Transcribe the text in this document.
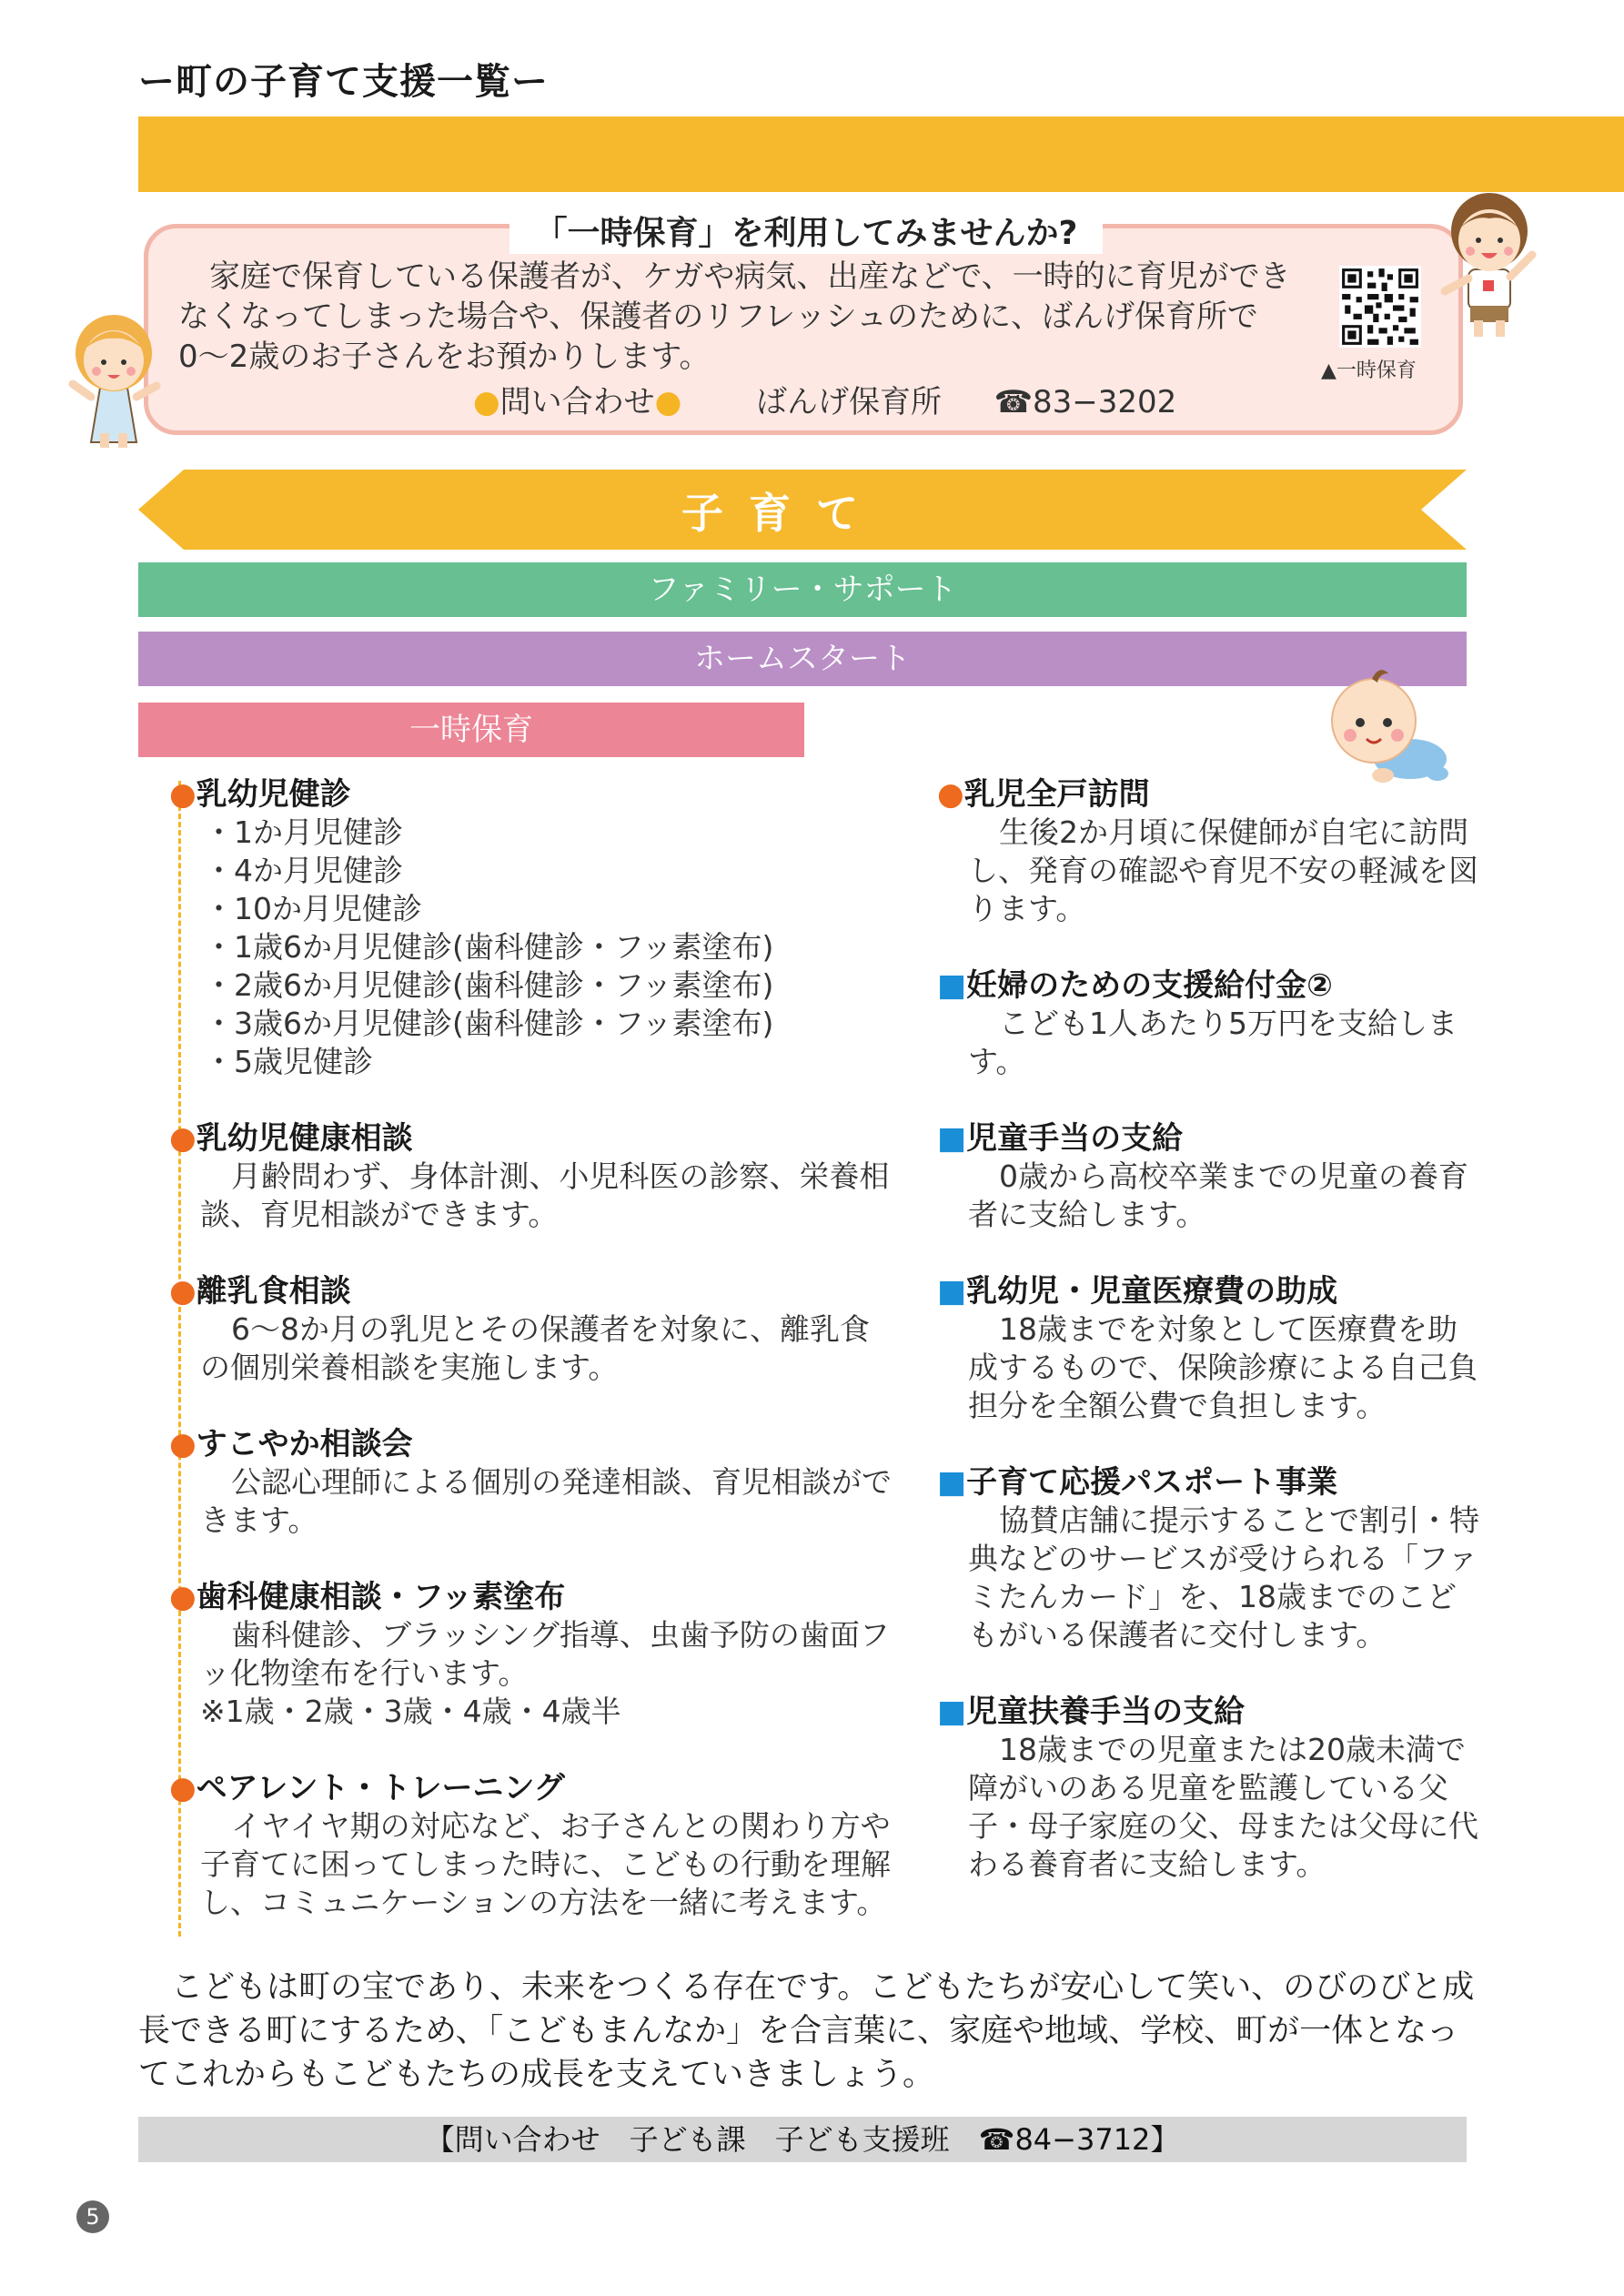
ー町の子育て支援一覧ー
「一時保育」を利用してみませんか?
家庭で保育している保護者が、ケガや病気、出産などで、一時的に育児ができなくなってしまった場合や、保護者のリフレッシュのために、ばんげ保育所で0〜2歳のお子さんをお預かりします。
●問い合わせ● ばんげ保育所 ☎83−3202
▲一時保育
子育て
ファミリー・サポート
ホームスタート
一時保育
●乳幼児健診
・1か月児健診
・4か月児健診
・10か月児健診
・1歳6か月児健診(歯科健診・フッ素塗布)
・2歳6か月児健診(歯科健診・フッ素塗布)
・3歳6か月児健診(歯科健診・フッ素塗布)
・5歳児健診
●乳幼児健康相談
月齢問わず、身体計測、小児科医の診察、栄養相談、育児相談ができます。
●離乳食相談
6〜8か月の乳児とその保護者を対象に、離乳食の個別栄養相談を実施します。
●すこやか相談会
公認心理師による個別の発達相談、育児相談ができます。
●歯科健康相談・フッ素塗布
歯科健診、ブラッシング指導、虫歯予防の歯面フッ化物塗布を行います。
※1歳・2歳・3歳・4歳・4歳半
●ペアレント・トレーニング
イヤイヤ期の対応など、お子さんとの関わり方や子育てに困ってしまった時に、こどもの行動を理解し、コミュニケーションの方法を一緒に考えます。
●乳児全戸訪問
生後2か月頃に保健師が自宅に訪問し、発育の確認や育児不安の軽減を図ります。
■妊婦のための支援給付金②
こども1人あたり5万円を支給します。
■児童手当の支給
0歳から高校卒業までの児童の養育者に支給します。
■乳幼児・児童医療費の助成
18歳までを対象として医療費を助成するもので、保険診療による自己負担分を全額公費で負担します。
■子育て応援パスポート事業
協賛店舗に提示することで割引・特典などのサービスが受けられる「ファミたんカード」を、18歳までのこどもがいる保護者に交付します。
■児童扶養手当の支給
18歳までの児童または20歳未満で障がいのある児童を監護している父子・母子家庭の父、母または父母に代わる養育者に支給します。
こどもは町の宝であり、未来をつくる存在です。こどもたちが安心して笑い、のびのびと成長できる町にするため、「こどもまんなか」を合言葉に、家庭や地域、学校、町が一体となってこれからもこどもたちの成長を支えていきましょう。
【問い合わせ　子ども課　子ども支援班　☎84−3712】
5
